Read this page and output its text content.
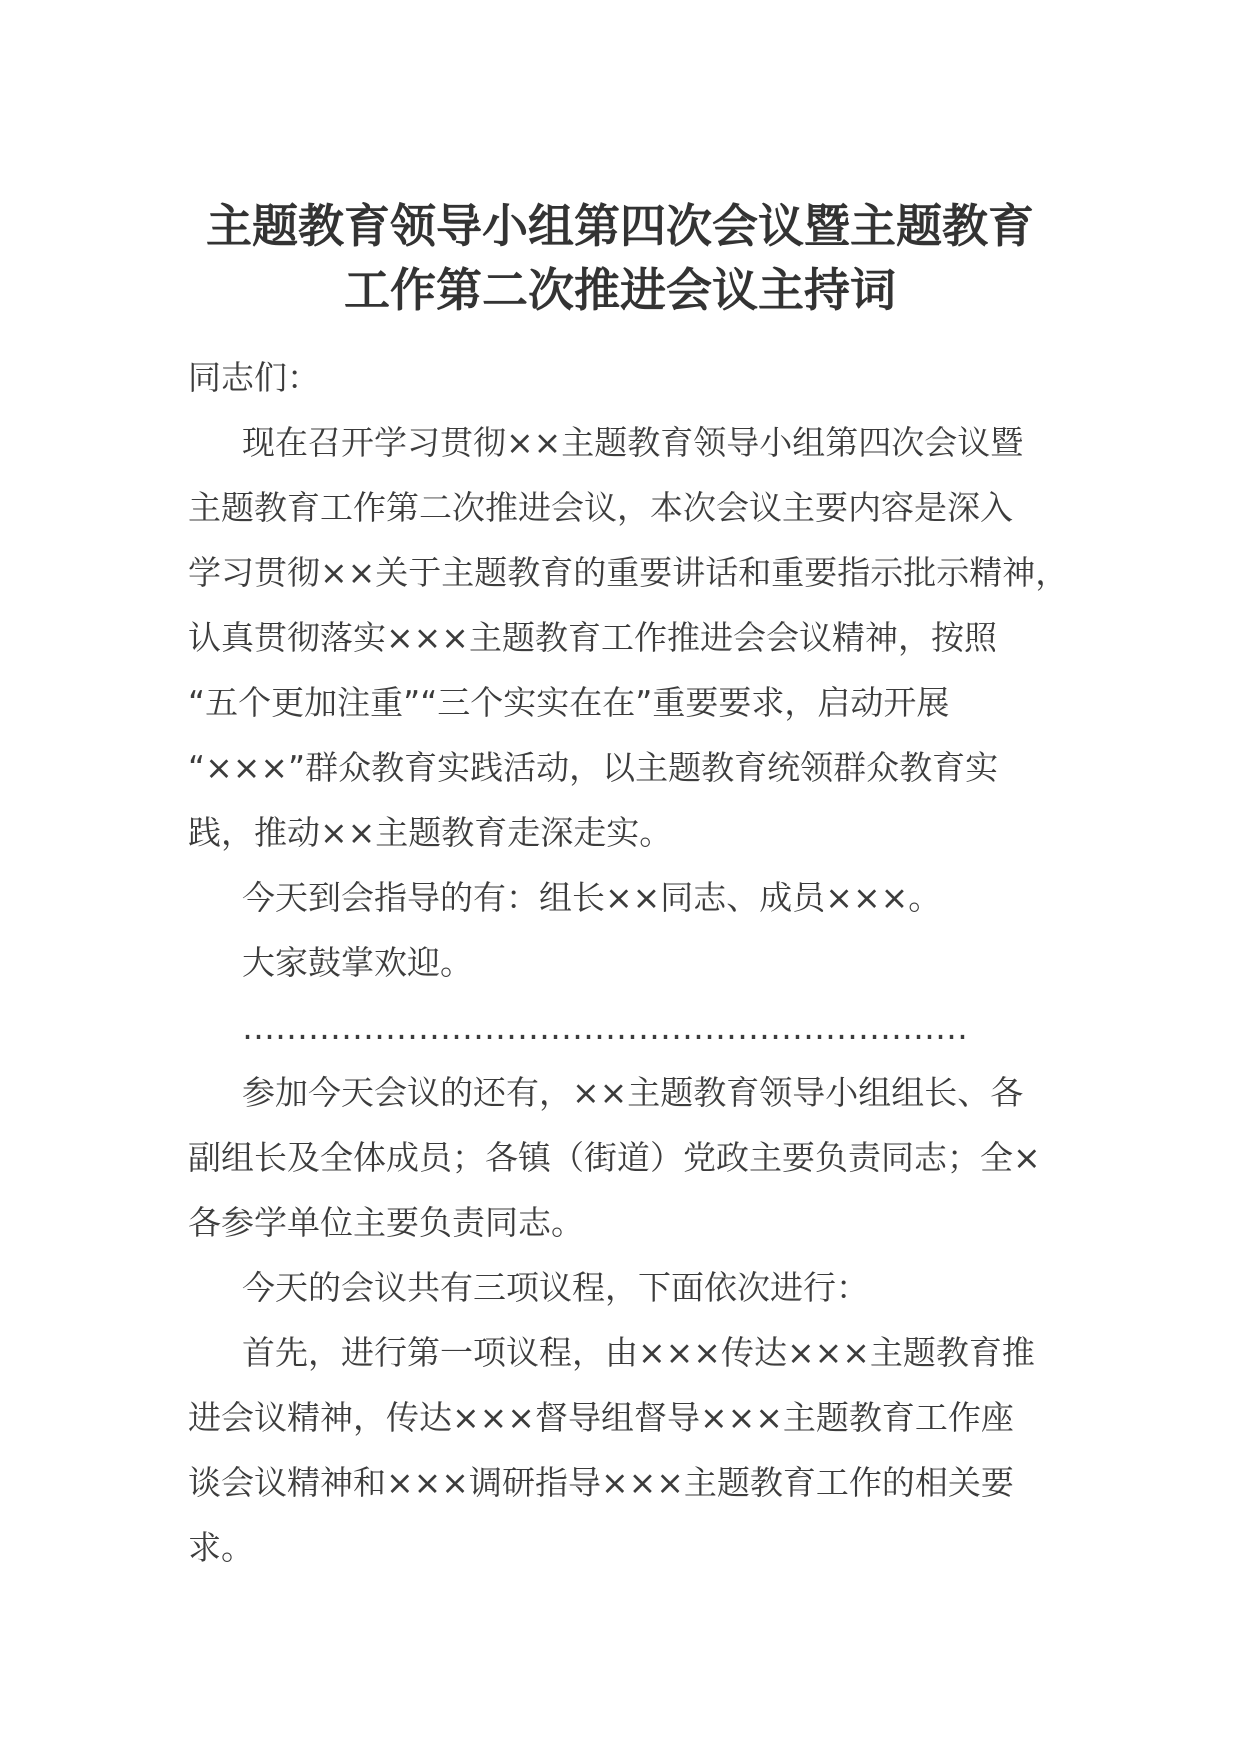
主题教育领导小组第四次会议暨主题教育
工作第二次推进会议主持词
同志们：
现在召开学习贯彻××主题教育领导小组第四次会议暨
主题教育工作第二次推进会议，本次会议主要内容是深入
学习贯彻××关于主题教育的重要讲话和重要指示批示精神，
认真贯彻落实×××主题教育工作推进会会议精神，按照
“五个更加注重”“三个实实在在”重要要求，启动开展
“×××”群众教育实践活动，以主题教育统领群众教育实
践，推动××主题教育走深走实。
今天到会指导的有：组长××同志、成员×××。
大家鼓掌欢迎。
…………………………………………………………
参加今天会议的还有，××主题教育领导小组组长、各
副组长及全体成员；各镇（街道）党政主要负责同志；全×
各参学单位主要负责同志。
今天的会议共有三项议程，下面依次进行：
首先，进行第一项议程，由×××传达×××主题教育推
进会议精神，传达×××督导组督导×××主题教育工作座
谈会议精神和×××调研指导×××主题教育工作的相关要
求。
